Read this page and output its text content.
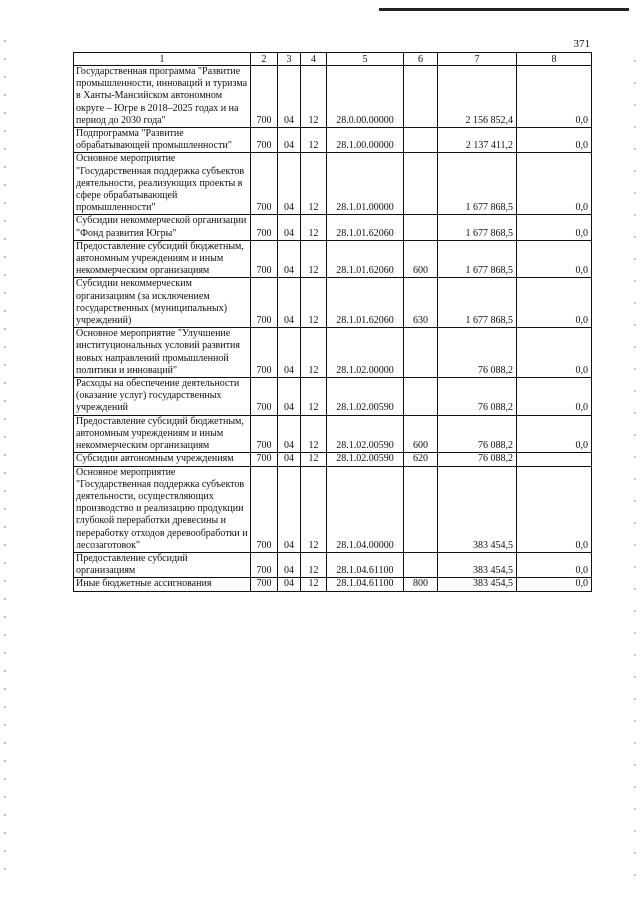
371
1	2	3	4	5	6	7	8
Государственная программа "Развитие промышленности, инноваций и туризма в Ханты-Мансийском автономном округе – Югре в 2018–2025 годах и на период до 2030 года"	700	04	12	28.0.00.00000		2 156 852,4	0,0
Подпрограмма "Развитие обрабатывающей промышленности"	700	04	12	28.1.00.00000		2 137 411,2	0,0
Основное мероприятие "Государственная поддержка субъектов деятельности, реализующих проекты в сфере обрабатывающей промышленности"	700	04	12	28.1.01.00000		1 677 868,5	0,0
Субсидии некоммерческой организации "Фонд развития Югры"	700	04	12	28.1.01.62060		1 677 868,5	0,0
Предоставление субсидий бюджетным, автономным учреждениям и иным некоммерческим организациям	700	04	12	28.1.01.62060	600	1 677 868,5	0,0
Субсидии некоммерческим организациям (за исключением государственных (муниципальных) учреждений)	700	04	12	28.1.01.62060	630	1 677 868,5	0,0
Основное мероприятие "Улучшение институциональных условий развития новых направлений промышленной политики и инноваций"	700	04	12	28.1.02.00000		76 088,2	0,0
Расходы на обеспечение деятельности (оказание услуг) государственных учреждений	700	04	12	28.1.02.00590		76 088,2	0,0
Предоставление субсидий бюджетным, автономным учреждениям и иным некоммерческим организациям	700	04	12	28.1.02.00590	600	76 088,2	0,0
Субсидии автономным учреждениям	700	04	12	28.1.02.00590	620	76 088,2	
Основное мероприятие "Государственная поддержка субъектов деятельности, осуществляющих производство и реализацию продукции глубокой переработки древесины и переработку отходов деревообработки и лесозаготовок"	700	04	12	28.1.04.00000		383 454,5	0,0
Предоставление субсидий организациям	700	04	12	28.1.04.61100		383 454,5	0,0
Иные бюджетные ассигнования	700	04	12	28.1.04.61100	800	383 454,5	0,0
